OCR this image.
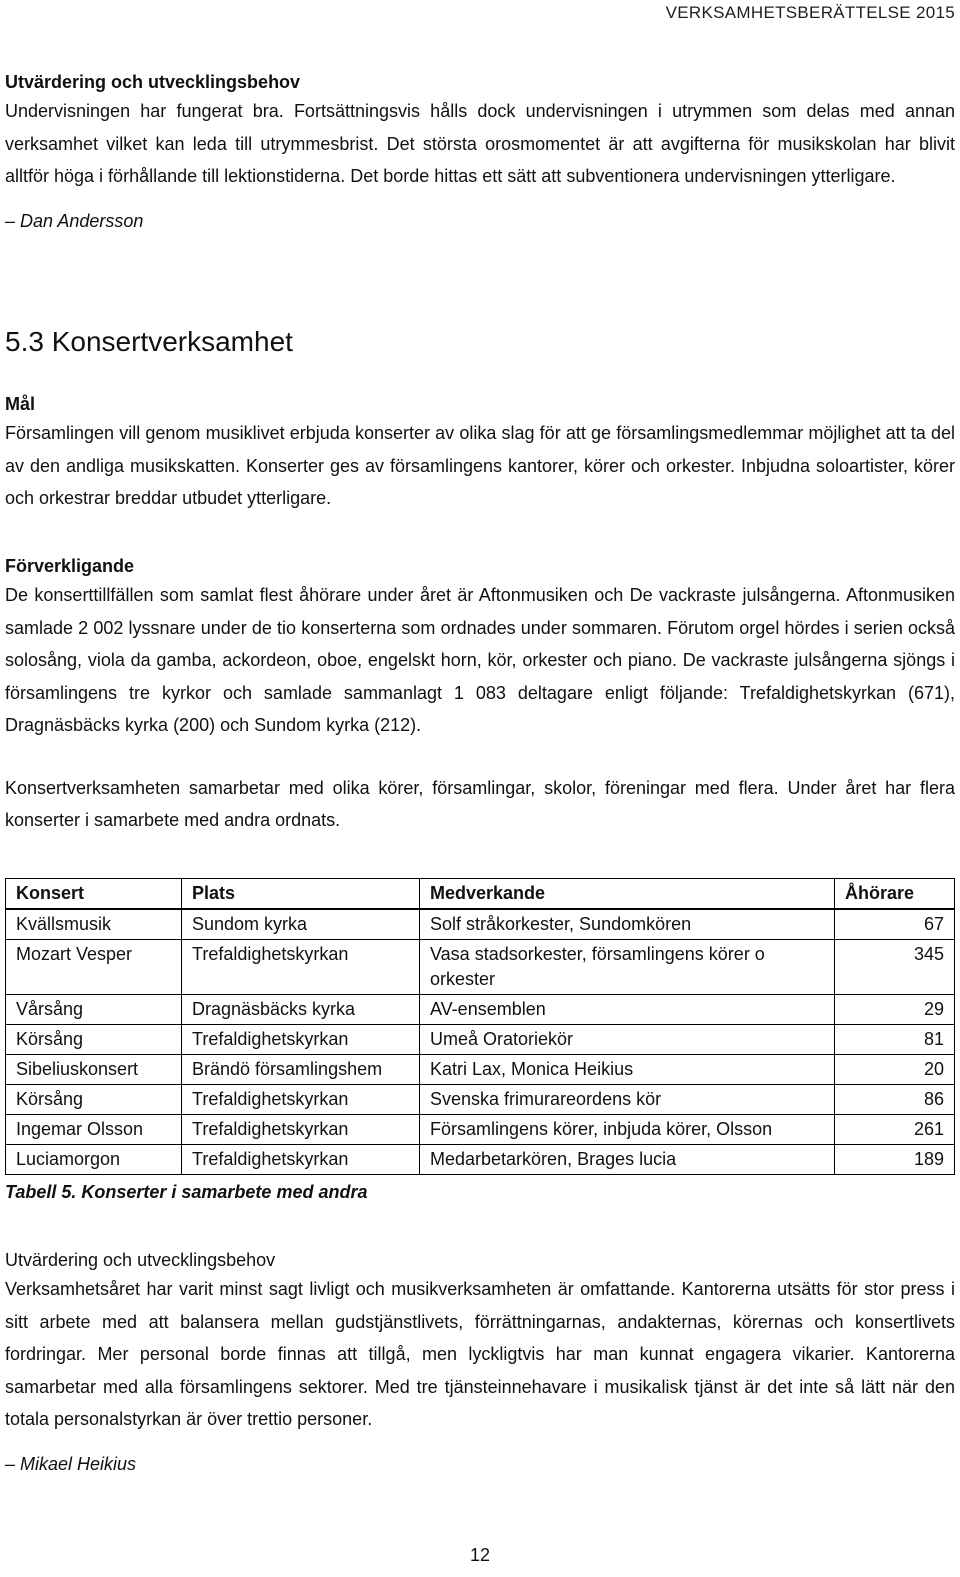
VERKSAMHETSBERÄTTELSE 2015
Utvärdering och utvecklingsbehov

Undervisningen har fungerat bra. Fortsättningsvis hålls dock undervisningen i utrymmen som delas med annan verksamhet vilket kan leda till utrymmesbrist. Det största orosmomentet är att avgifterna för musikskolan har blivit alltför höga i förhållande till lektionstiderna. Det borde hittas ett sätt att subventionera undervisningen ytterligare.

– Dan Andersson
5.3 Konsertverksamhet
Mål

Församlingen vill genom musiklivet erbjuda konserter av olika slag för att ge församlingsmedlemmar möjlighet att ta del av den andliga musikskatten. Konserter ges av församlingens kantorer, körer och orkester. Inbjudna soloartister, körer och orkestrar breddar utbudet ytterligare.

Förverkligande

De konserttillfällen som samlat flest åhörare under året är Aftonmusiken och De vackraste julsångerna. Aftonmusiken samlade 2 002 lyssnare under de tio konserterna som ordnades under sommaren. Förutom orgel hördes i serien också solosång, viola da gamba, ackordeon, oboe, engelskt horn, kör, orkester och piano. De vackraste julsångerna sjöngs i församlingens tre kyrkor och samlade sammanlagt 1 083 deltagare enligt följande: Trefaldighetskyrkan (671), Dragnäsbäcks kyrka (200) och Sundom kyrka (212).

Konsertverksamheten samarbetar med olika körer, församlingar, skolor, föreningar med flera. Under året har flera konserter i samarbete med andra ordnats.

Konsert	Plats	Medverkande	Åhörare
Kvällsmusik	Sundom kyrka	Solf stråkorkester, Sundomkören	67
Mozart Vesper	Trefaldighetskyrkan	Vasa stadsorkester, församlingens körer o orkester	345
Vårsång	Dragnäsbäcks kyrka	AV-ensemblen	29
Körsång	Trefaldighetskyrkan	Umeå Oratoriekör	81
Sibeliuskonsert	Brändö församlingshem	Katri Lax, Monica Heikius	20
Körsång	Trefaldighetskyrkan	Svenska frimurareordens kör	86
Ingemar Olsson	Trefaldighetskyrkan	Församlingens körer, inbjuda körer, Olsson	261
Luciamorgon	Trefaldighetskyrkan	Medarbetarkören, Brages lucia	189
Tabell 5. Konserter i samarbete med andra
Utvärdering och utvecklingsbehov

Verksamhetsåret har varit minst sagt livligt och musikverksamheten är omfattande. Kantorerna utsätts för stor press i sitt arbete med att balansera mellan gudstjänstlivets, förrättningarnas, andakternas, körernas och konsertlivets fordringar. Mer personal borde finnas att tillgå, men lyckligtvis har man kunnat engagera vikarier. Kantorerna samarbetar med alla församlingens sektorer. Med tre tjänsteinnehavare i musikalisk tjänst är det inte så lätt när den totala personalstyrkan är över trettio personer.

– Mikael Heikius
12
